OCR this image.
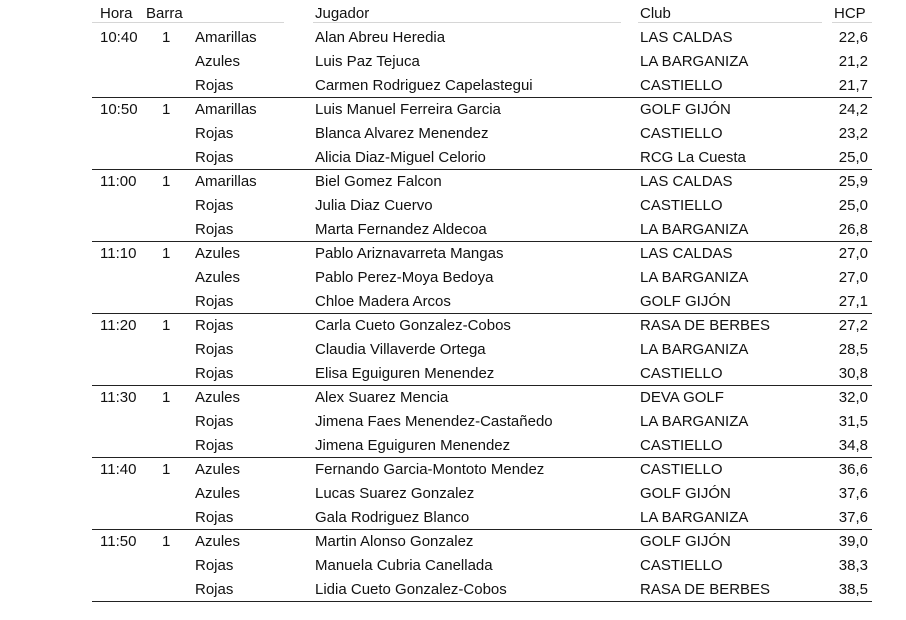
Hora Barra	Jugador	Club	HCP
10:40 1 Amarillas	Alan Abreu Heredia	LAS CALDAS	22,6
Azules	Luis Paz Tejuca	LA BARGANIZA	21,2
Rojas	Carmen Rodriguez Capelastegui	CASTIELLO	21,7
10:50 1 Amarillas	Luis Manuel Ferreira Garcia	GOLF GIJÓN	24,2
Rojas	Blanca Alvarez Menendez	CASTIELLO	23,2
Rojas	Alicia Diaz-Miguel Celorio	RCG La Cuesta	25,0
11:00 1 Amarillas	Biel Gomez Falcon	LAS CALDAS	25,9
Rojas	Julia Diaz Cuervo	CASTIELLO	25,0
Rojas	Marta Fernandez Aldecoa	LA BARGANIZA	26,8
11:10 1 Azules	Pablo Ariznavarreta Mangas	LAS CALDAS	27,0
Azules	Pablo Perez-Moya Bedoya	LA BARGANIZA	27,0
Rojas	Chloe Madera Arcos	GOLF GIJÓN	27,1
11:20 1 Rojas	Carla Cueto Gonzalez-Cobos	RASA DE BERBES	27,2
Rojas	Claudia Villaverde Ortega	LA BARGANIZA	28,5
Rojas	Elisa Eguiguren Menendez	CASTIELLO	30,8
11:30 1 Azules	Alex Suarez Mencia	DEVA GOLF	32,0
Rojas	Jimena Faes Menendez-Castañedo	LA BARGANIZA	31,5
Rojas	Jimena Eguiguren Menendez	CASTIELLO	34,8
11:40 1 Azules	Fernando Garcia-Montoto Mendez	CASTIELLO	36,6
Azules	Lucas Suarez Gonzalez	GOLF GIJÓN	37,6
Rojas	Gala Rodriguez Blanco	LA BARGANIZA	37,6
11:50 1 Azules	Martin Alonso Gonzalez	GOLF GIJÓN	39,0
Rojas	Manuela Cubria Canellada	CASTIELLO	38,3
Rojas	Lidia Cueto Gonzalez-Cobos	RASA DE BERBES	38,5
